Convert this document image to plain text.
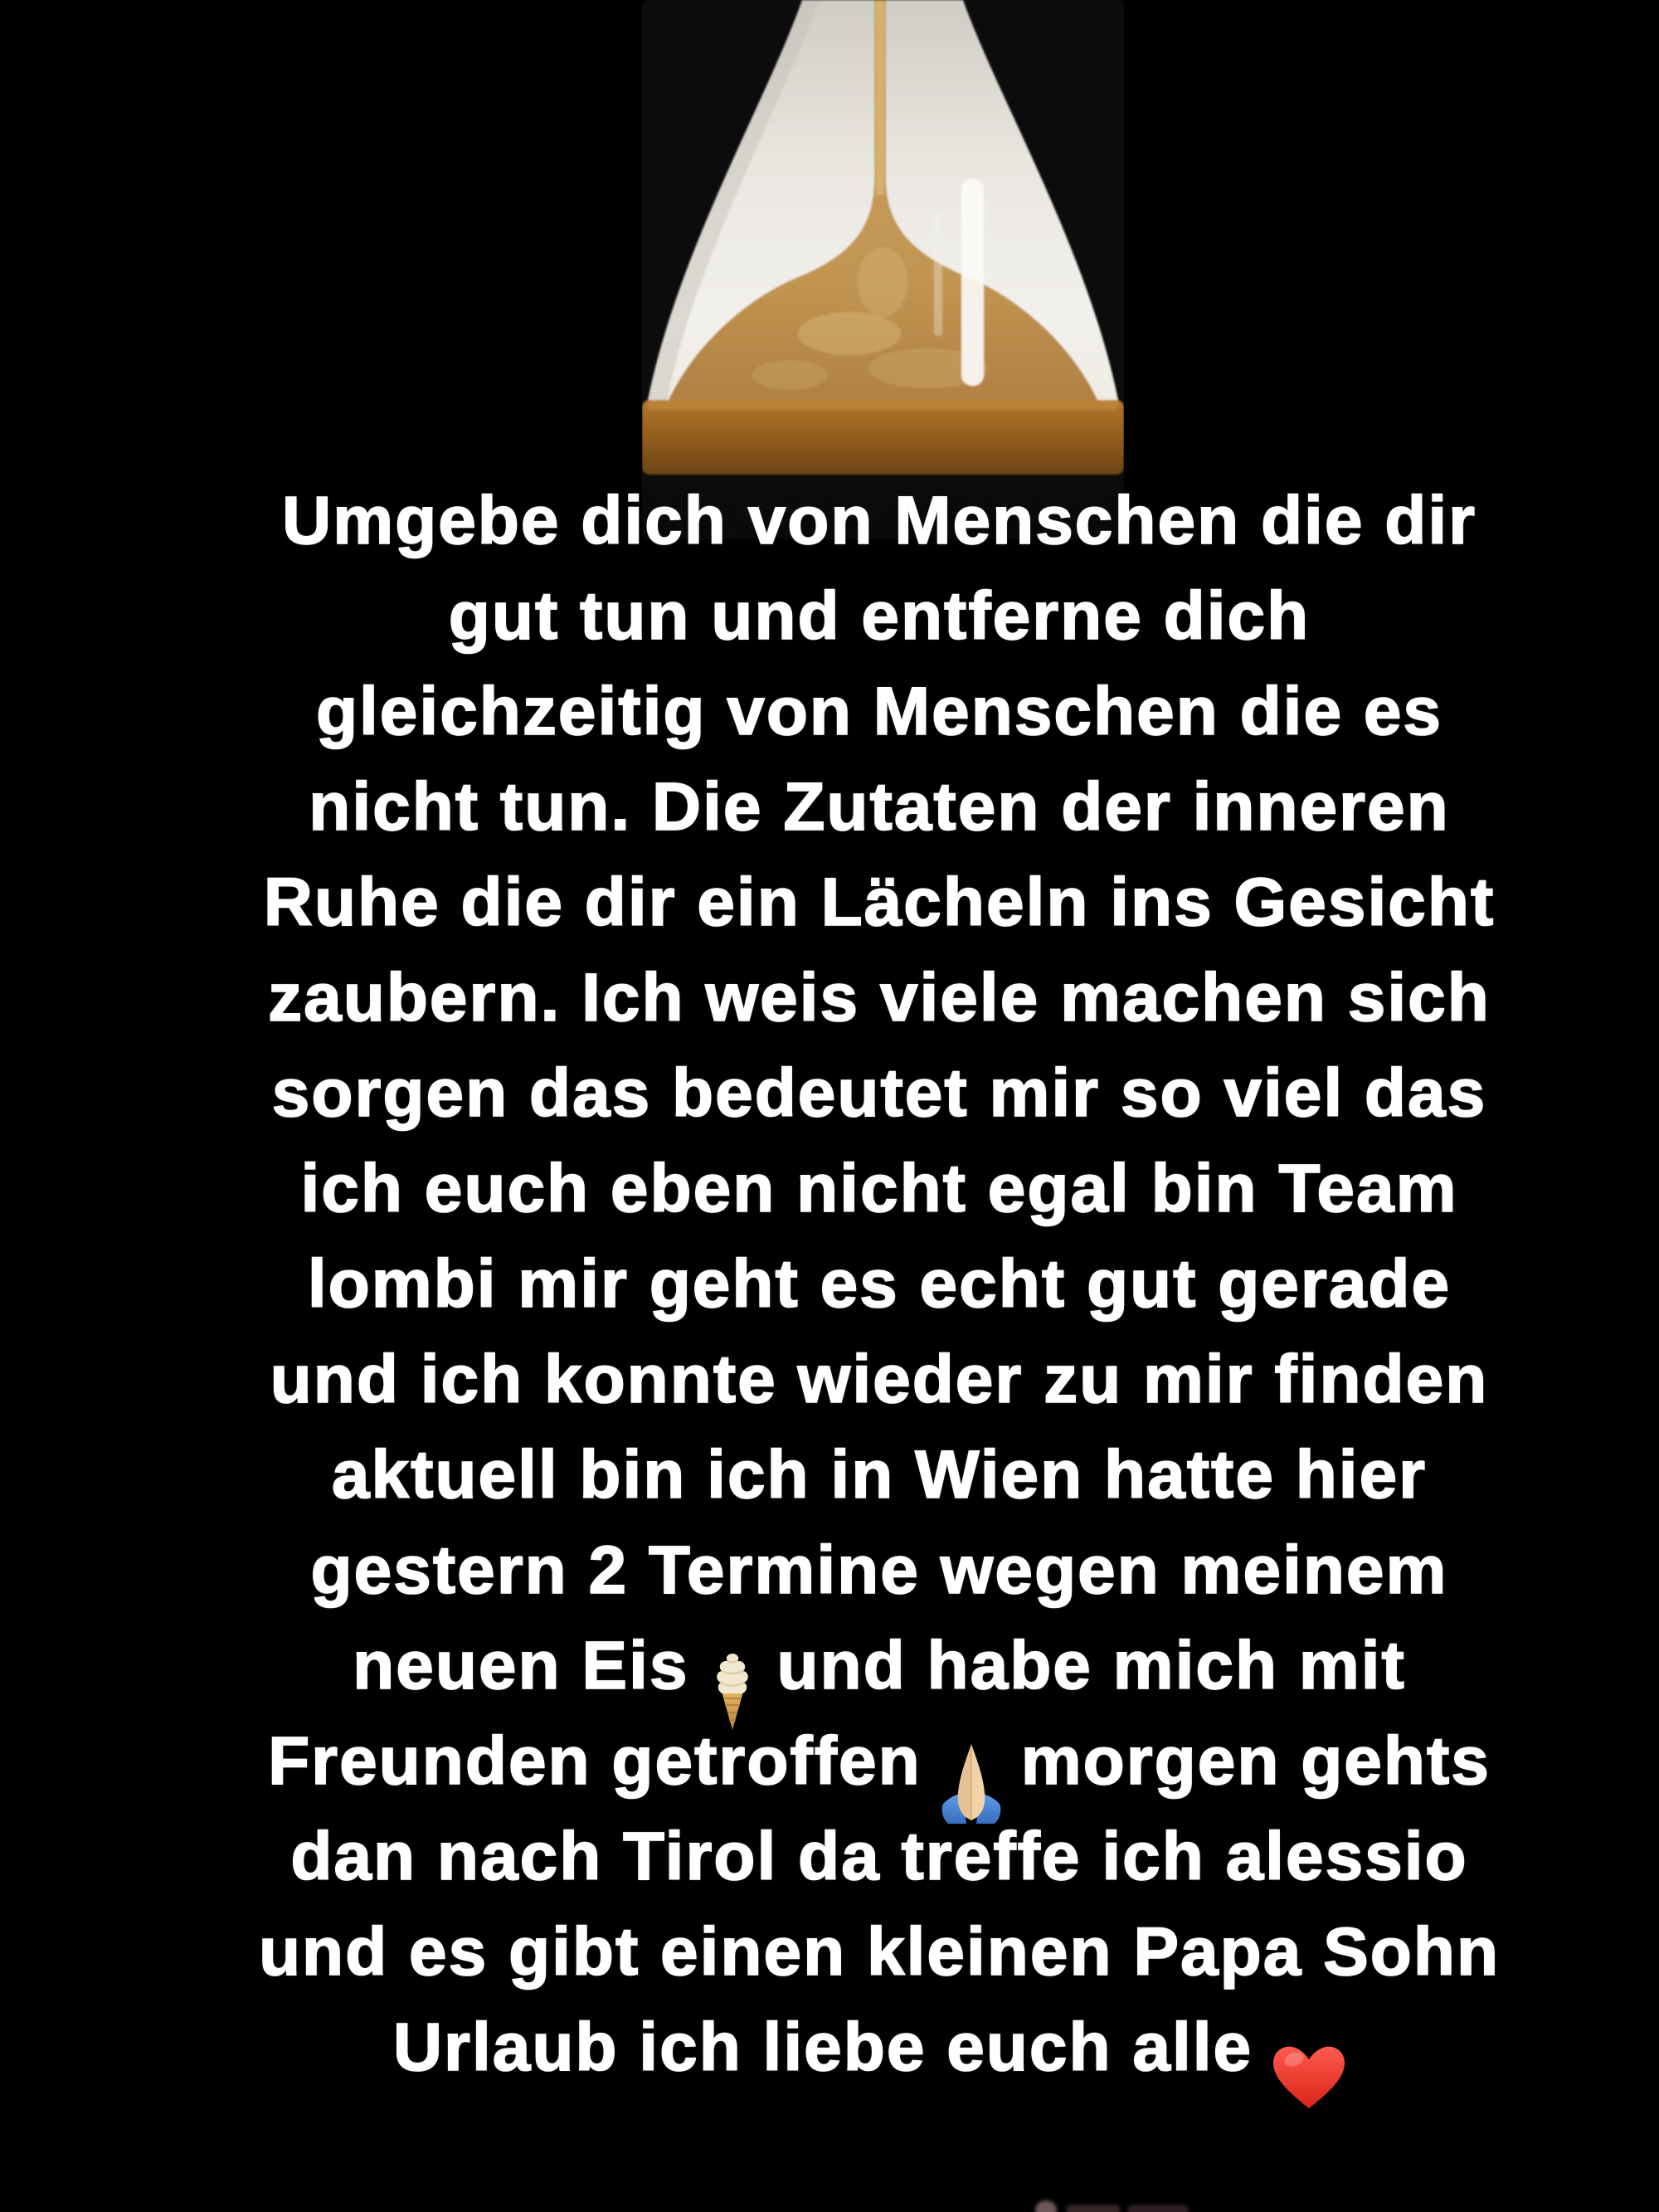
Umgebe dich von Menschen die dir
gut tun und entferne dich
gleichzeitig von Menschen die es
nicht tun. Die Zutaten der inneren
Ruhe die dir ein Lächeln ins Gesicht
zaubern. Ich weis viele machen sich
sorgen das bedeutet mir so viel das
ich euch eben nicht egal bin Team
lombi mir geht es echt gut gerade
und ich konnte wieder zu mir finden
aktuell bin ich in Wien hatte hier
gestern 2 Termine wegen meinem
neuen Eis und habe mich mit
Freunden getroffen morgen gehts
dan nach Tirol da treffe ich alessio
und es gibt einen kleinen Papa Sohn
Urlaub ich liebe euch alle
